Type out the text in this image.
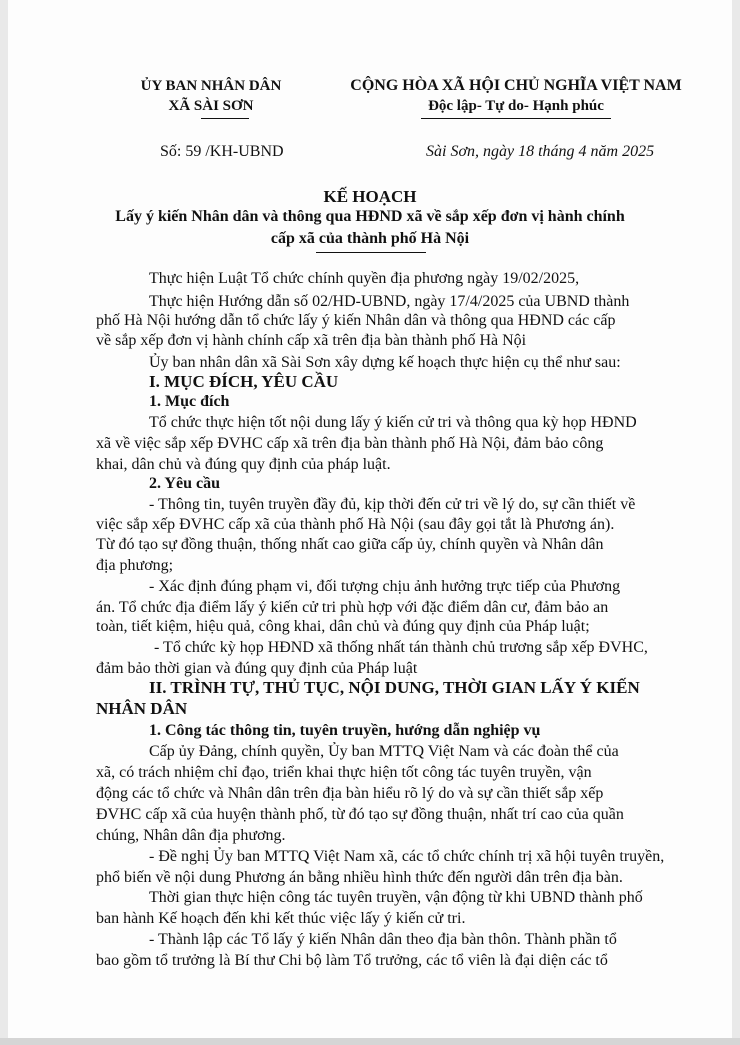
ỦY BAN NHÂN DÂN
XÃ SÀI SƠN
CỘNG HÒA XÃ HỘI CHỦ NGHĨA VIỆT NAM
Độc lập- Tự do- Hạnh phúc
Số: 59 /KH-UBND	Sài Sơn, ngày 18 tháng 4 năm 2025
KẾ HOẠCH
Lấy ý kiến Nhân dân và thông qua HĐND xã về sắp xếp đơn vị hành chính
cấp xã của thành phố Hà Nội
Thực hiện Luật Tổ chức chính quyền địa phương ngày 19/02/2025,
Thực hiện Hướng dẫn số 02/HD-UBND, ngày 17/4/2025 của UBND thành
phố Hà Nội hướng dẫn tổ chức lấy ý kiến Nhân dân và thông qua HĐND các cấp
về sắp xếp đơn vị hành chính cấp xã trên địa bàn thành phố Hà Nội
Ủy ban nhân dân xã Sài Sơn xây dựng kế hoạch thực hiện cụ thể như sau:
I. MỤC ĐÍCH, YÊU CẦU
1. Mục đích
Tổ chức thực hiện tốt nội dung lấy ý kiến cử tri và thông qua kỳ họp HĐND
xã về việc sắp xếp ĐVHC cấp xã trên địa bàn thành phố Hà Nội, đảm bảo công
khai, dân chủ và đúng quy định của pháp luật.
2. Yêu cầu
- Thông tin, tuyên truyền đầy đủ, kịp thời đến cử tri về lý do, sự cần thiết về
việc sắp xếp ĐVHC cấp xã của thành phố Hà Nội (sau đây gọi tắt là Phương án).
Từ đó tạo sự đồng thuận, thống nhất cao giữa cấp ủy, chính quyền và Nhân dân
địa phương;
- Xác định đúng phạm vi, đối tượng chịu ảnh hưởng trực tiếp của Phương
án. Tổ chức địa điểm lấy ý kiến cử tri phù hợp với đặc điểm dân cư, đảm bảo an
toàn, tiết kiệm, hiệu quả, công khai, dân chủ và đúng quy định của Pháp luật;
- Tổ chức kỳ họp HĐND xã thống nhất tán thành chủ trương sắp xếp ĐVHC,
đảm bảo thời gian và đúng quy định của Pháp luật
II. TRÌNH TỰ, THỦ TỤC, NỘI DUNG, THỜI GIAN LẤY Ý KIẾN
NHÂN DÂN
1. Công tác thông tin, tuyên truyền, hướng dẫn nghiệp vụ
Cấp ủy Đảng, chính quyền, Ủy ban MTTQ Việt Nam và các đoàn thể của
xã, có trách nhiệm chỉ đạo, triển khai thực hiện tốt công tác tuyên truyền, vận
động các tổ chức và Nhân dân trên địa bàn hiểu rõ lý do và sự cần thiết sắp xếp
ĐVHC cấp xã của huyện thành phố, từ đó tạo sự đồng thuận, nhất trí cao của quần
chúng, Nhân dân địa phương.
- Đề nghị Ủy ban MTTQ Việt Nam xã, các tổ chức chính trị xã hội tuyên truyền,
phổ biến về nội dung Phương án bằng nhiều hình thức đến người dân trên địa bàn.
Thời gian thực hiện công tác tuyên truyền, vận động từ khi UBND thành phố
ban hành Kế hoạch đến khi kết thúc việc lấy ý kiến cử tri.
- Thành lập các Tổ lấy ý kiến Nhân dân theo địa bàn thôn. Thành phần tổ
bao gồm tổ trưởng là Bí thư Chi bộ làm Tổ trưởng, các tổ viên là đại diện các tổ
